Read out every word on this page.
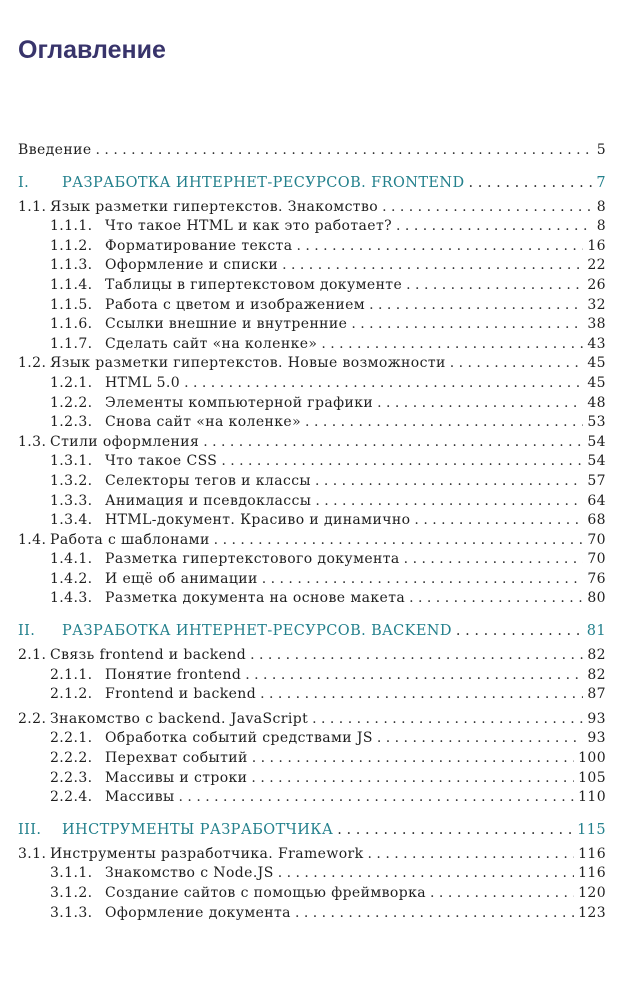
Оглавление
Введение . . .	5
I.	РАЗРАБОТКА ИНТЕРНЕТ-РЕСУРСОВ. FRONTEND . . .	7
1.1. Язык разметки гипертекстов. Знакомство . . .	8
1.1.1. Что такое HTML и как это работает? . . .	8
1.1.2. Форматирование текста . . .	16
1.1.3. Оформление и списки . . .	22
1.1.4. Таблицы в гипертекстовом документе . . .	26
1.1.5. Работа с цветом и изображением . . .	32
1.1.6. Ссылки внешние и внутренние . . .	38
1.1.7. Сделать сайт «на коленке» . . .	43
1.2. Язык разметки гипертекстов. Новые возможности . . .	45
1.2.1. HTML 5.0 . . .	45
1.2.2. Элементы компьютерной графики . . .	48
1.2.3. Снова сайт «на коленке» . . .	53
1.3. Стили оформления . . .	54
1.3.1. Что такое CSS . . .	54
1.3.2. Селекторы тегов и классы . . .	57
1.3.3. Анимация и псевдоклассы . . .	64
1.3.4. HTML-документ. Красиво и динамично . . .	68
1.4. Работа с шаблонами . . .	70
1.4.1. Разметка гипертекстового документа . . .	70
1.4.2. И ещё об анимации . . .	76
1.4.3. Разметка документа на основе макета . . .	80
II.	РАЗРАБОТКА ИНТЕРНЕТ-РЕСУРСОВ. BACKEND . . .	81
2.1. Связь frontend и backend . . .	82
2.1.1. Понятие frontend . . .	82
2.1.2. Frontend и backend . . .	87
2.2. Знакомство с backend. JavaScript . . .	93
2.2.1. Обработка событий средствами JS . . .	93
2.2.2. Перехват событий . . .	100
2.2.3. Массивы и строки . . .	105
2.2.4. Массивы . . .	110
III.	ИНСТРУМЕНТЫ РАЗРАБОТЧИКА . . .	115
3.1. Инструменты разработчика. Framework . . .	116
3.1.1. Знакомство с Node.JS . . .	116
3.1.2. Создание сайтов с помощью фреймворка . . .	120
3.1.3. Оформление документа . . .	123
